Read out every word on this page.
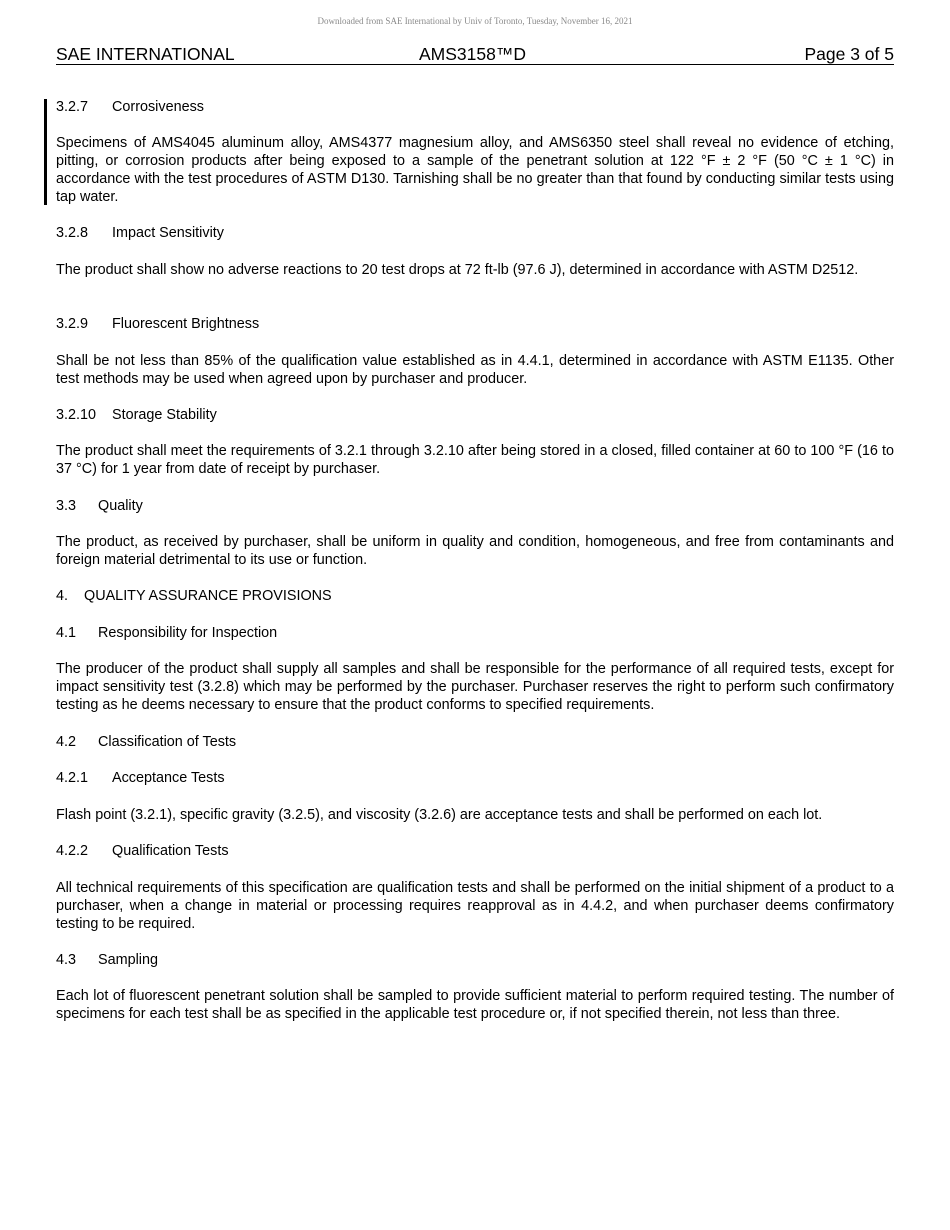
Downloaded from SAE International by Univ of Toronto, Tuesday, November 16, 2021
SAE INTERNATIONAL	AMS3158™D	Page 3 of 5
3.2.7 Corrosiveness
Specimens of AMS4045 aluminum alloy, AMS4377 magnesium alloy, and AMS6350 steel shall reveal no evidence of etching, pitting, or corrosion products after being exposed to a sample of the penetrant solution at 122 °F ± 2 °F (50 °C ± 1 °C) in accordance with the test procedures of ASTM D130. Tarnishing shall be no greater than that found by conducting similar tests using tap water.
3.2.8 Impact Sensitivity
The product shall show no adverse reactions to 20 test drops at 72 ft-lb (97.6 J), determined in accordance with ASTM D2512.
3.2.9 Fluorescent Brightness
Shall be not less than 85% of the qualification value established as in 4.4.1, determined in accordance with ASTM E1135. Other test methods may be used when agreed upon by purchaser and producer.
3.2.10 Storage Stability
The product shall meet the requirements of 3.2.1 through 3.2.10 after being stored in a closed, filled container at 60 to 100 °F (16 to 37 °C) for 1 year from date of receipt by purchaser.
3.3 Quality
The product, as received by purchaser, shall be uniform in quality and condition, homogeneous, and free from contaminants and foreign material detrimental to its use or function.
4. QUALITY ASSURANCE PROVISIONS
4.1 Responsibility for Inspection
The producer of the product shall supply all samples and shall be responsible for the performance of all required tests, except for impact sensitivity test (3.2.8) which may be performed by the purchaser. Purchaser reserves the right to perform such confirmatory testing as he deems necessary to ensure that the product conforms to specified requirements.
4.2 Classification of Tests
4.2.1 Acceptance Tests
Flash point (3.2.1), specific gravity (3.2.5), and viscosity (3.2.6) are acceptance tests and shall be performed on each lot.
4.2.2 Qualification Tests
All technical requirements of this specification are qualification tests and shall be performed on the initial shipment of a product to a purchaser, when a change in material or processing requires reapproval as in 4.4.2, and when purchaser deems confirmatory testing to be required.
4.3 Sampling
Each lot of fluorescent penetrant solution shall be sampled to provide sufficient material to perform required testing. The number of specimens for each test shall be as specified in the applicable test procedure or, if not specified therein, not less than three.
